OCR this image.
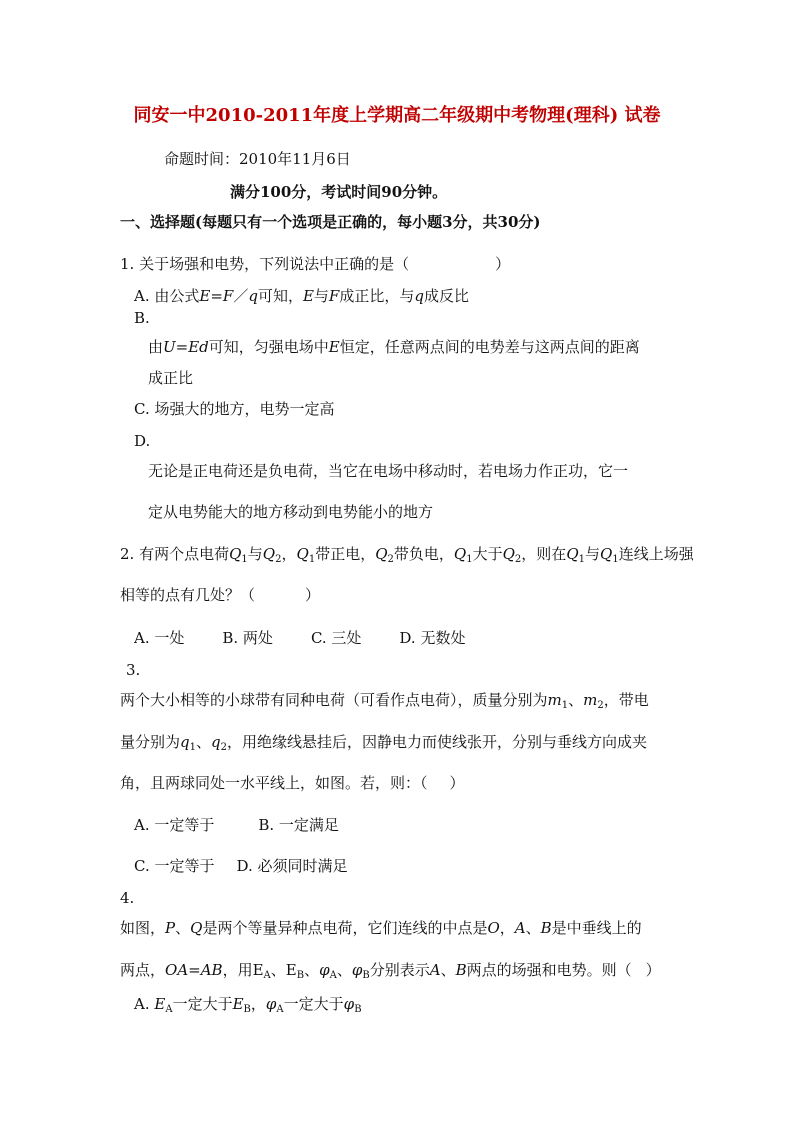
同安一中2010-2011年度上学期高二年级期中考物理(理科) 试卷
命题时间：2010年11月6日
满分100分，考试时间90分钟。
一、选择题(每题只有一个选项是正确的，每小题3分，共30分)
1. 关于场强和电势，下列说法中正确的是（	）
A. 由公式E=F／q可知，E与F成正比，与q成反比
B.
由U=Ed可知，匀强电场中E恒定，任意两点间的电势差与这两点间的距离
成正比
C. 场强大的地方，电势一定高
D.
无论是正电荷还是负电荷，当它在电场中移动时，若电场力作正功，它一
定从电势能大的地方移动到电势能小的地方
2. 有两个点电荷$Q_1$与$Q_2$，$Q_1$带正电，$Q_2$带负电，$Q_1$大于$Q_2$，则在$Q_1$与$Q_1$连线上场强
相等的点有几处？（	）
A. 一处	B. 两处	C. 三处	D. 无数处
3.
两个大小相等的小球带有同种电荷（可看作点电荷），质量分别为$m_1$、$m_2$，带电
量分别为$q_1$、$q_2$，用绝缘线悬挂后，因静电力而使线张开，分别与垂线方向成夹
角，且两球同处一水平线上，如图。若，则：（ ）
A. 一定等于	B. 一定满足
C. 一定等于 D. 必须同时满足
4.
如图，P、Q是两个等量异种点电荷，它们连线的中点是O，A、B是中垂线上的
两点，OA=AB，用$E_A$、$E_B$、$\varphi_A$、$\varphi_B$分别表示A、B两点的场强和电势。则（ ）
A. $E_A$一定大于$E_B$，$\varphi_A$一定大于$\varphi_B$
